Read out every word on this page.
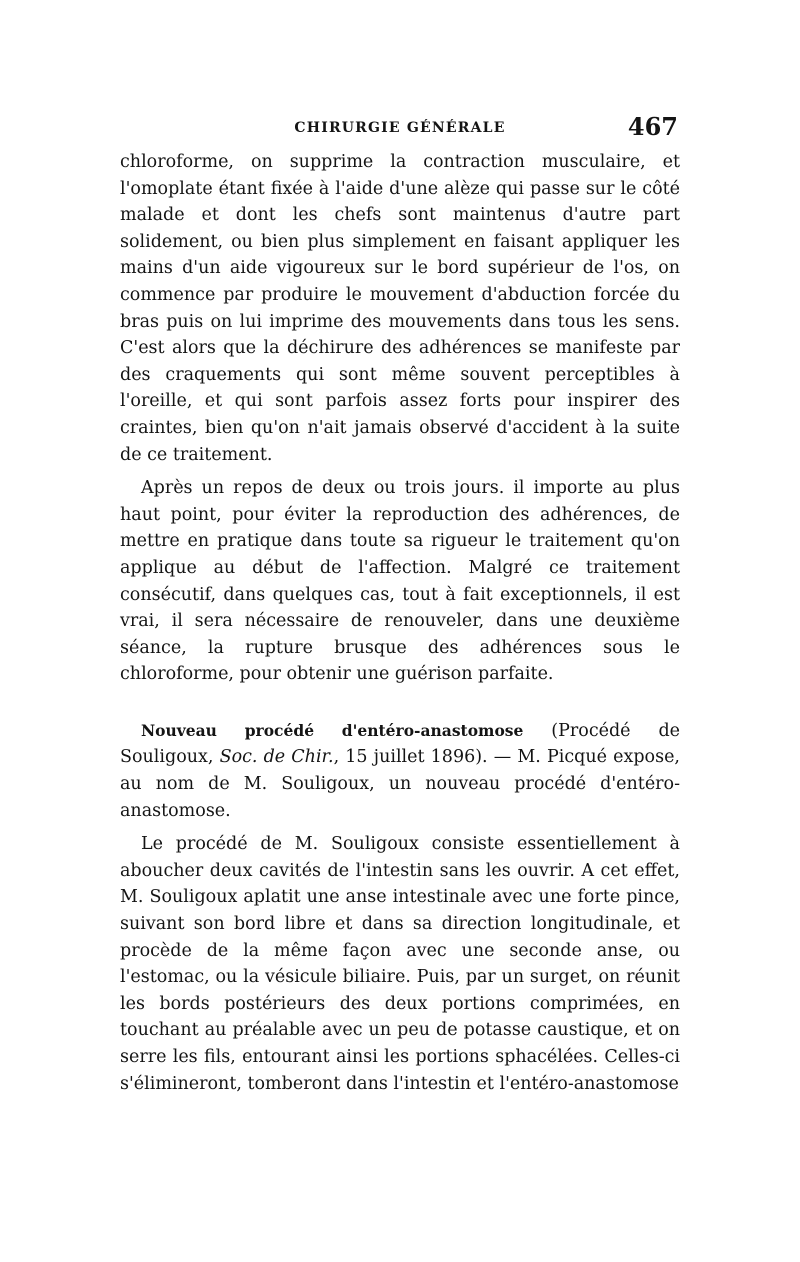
CHIRURGIE GÉNÉRALE	467

chloroforme, on supprime la contraction musculaire, et l'omoplate étant fixée à l'aide d'une alèze qui passe sur le côté malade et dont les chefs sont maintenus d'autre part solidement, ou bien plus simplement en faisant appliquer les mains d'un aide vigoureux sur le bord supérieur de l'os, on commence par produire le mouvement d'abduction forcée du bras puis on lui imprime des mouvements dans tous les sens. C'est alors que la déchirure des adhérences se manifeste par des craquements qui sont même souvent perceptibles à l'oreille, et qui sont parfois assez forts pour inspirer des craintes, bien qu'on n'ait jamais observé d'accident à la suite de ce traitement.

Après un repos de deux ou trois jours. il importe au plus haut point, pour éviter la reproduction des adhérences, de mettre en pratique dans toute sa rigueur le traitement qu'on applique au début de l'affection. Malgré ce traitement consécutif, dans quelques cas, tout à fait exceptionnels, il est vrai, il sera nécessaire de renouveler, dans une deuxième séance, la rupture brusque des adhérences sous le chloroforme, pour obtenir une guérison parfaite.

Nouveau procédé d'entéro-anastomose (Procédé de Souligoux, Soc. de Chir., 15 juillet 1896). — M. Picqué expose, au nom de M. Souligoux, un nouveau procédé d'entéro-anastomose.

Le procédé de M. Souligoux consiste essentiellement à aboucher deux cavités de l'intestin sans les ouvrir. A cet effet, M. Souligoux aplatit une anse intestinale avec une forte pince, suivant son bord libre et dans sa direction longitudinale, et procède de la même façon avec une seconde anse, ou l'estomac, ou la vésicule biliaire. Puis, par un surget, on réunit les bords postérieurs des deux portions comprimées, en touchant au préalable avec un peu de potasse caustique, et on serre les fils, entourant ainsi les portions sphacélées. Celles-ci s'élimineront, tomberont dans l'intestin et l'entéro-anastomose
